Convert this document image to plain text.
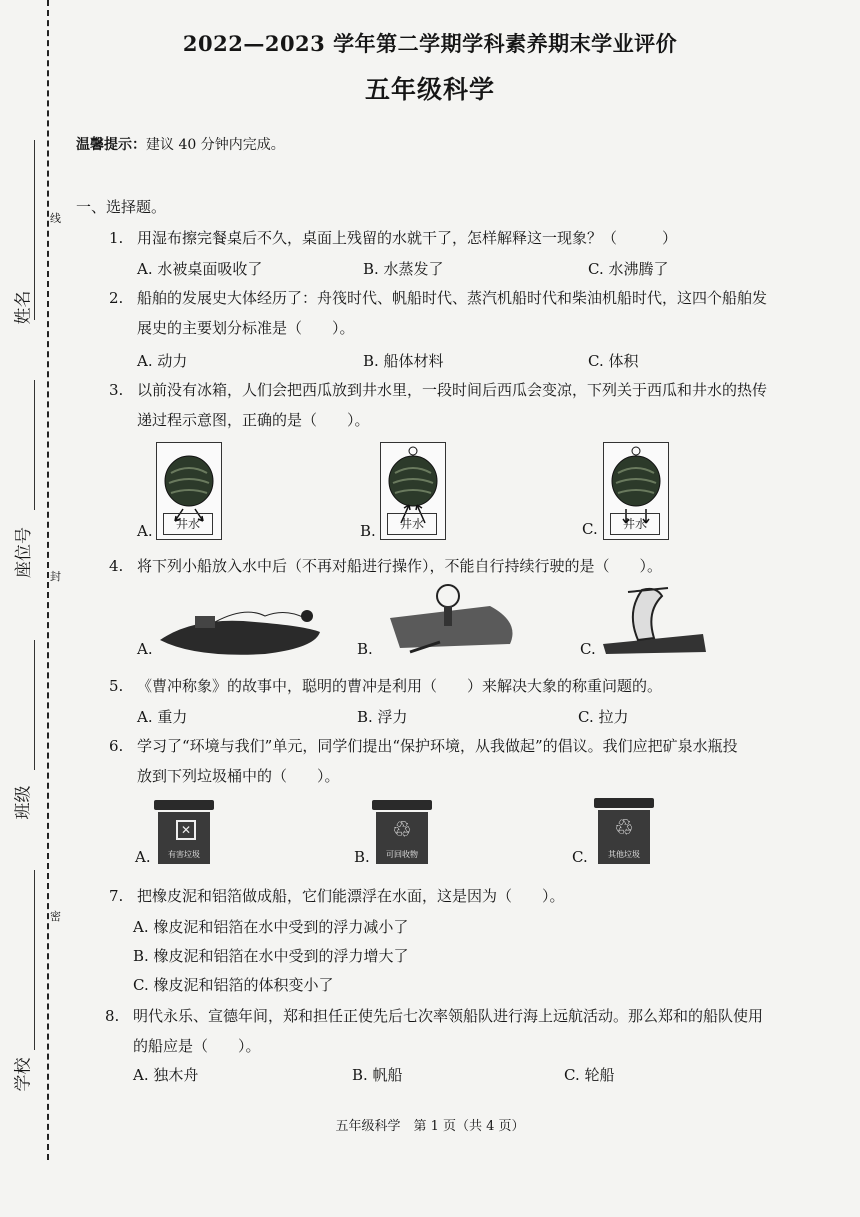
线
封
密
姓名
座位号
班级
学校
2022—2023 学年第二学期学科素养期末学业评价
五年级科学
温馨提示：建议 40 分钟内完成。
一、选择题。
1. 用湿布擦完餐桌后不久，桌面上残留的水就干了，怎样解释这一现象？（　　　）
A. 水被桌面吸收了	B. 水蒸发了	C. 水沸腾了
2. 船舶的发展史大体经历了：舟筏时代、帆船时代、蒸汽机船时代和柴油机船时代，这四个船舶发
展史的主要划分标准是（　　）。
A. 动力	B. 船体材料	C. 体积
3. 以前没有冰箱，人们会把西瓜放到井水里，一段时间后西瓜会变凉，下列关于西瓜和井水的热传
递过程示意图，正确的是（　　）。
A.	井水	B.	井水	C.	井水
4. 将下列小船放入水中后（不再对船进行操作），不能自行持续行驶的是（　　）。
A.	B.	C.
5. 《曹冲称象》的故事中，聪明的曹冲是利用（　　）来解决大象的称重问题的。
A. 重力	B. 浮力	C. 拉力
6. 学习了“环境与我们”单元，同学们提出“保护环境，从我做起”的倡议。我们应把矿泉水瓶投
放到下列垃圾桶中的（　　）。
A.
✕
有害垃圾	B.
♲
可回收物	C.
♲
其他垃圾
7. 把橡皮泥和铝箔做成船，它们能漂浮在水面，这是因为（　　）。
A. 橡皮泥和铝箔在水中受到的浮力减小了
B. 橡皮泥和铝箔在水中受到的浮力增大了
C. 橡皮泥和铝箔的体积变小了
8. 明代永乐、宣德年间，郑和担任正使先后七次率领船队进行海上远航活动。那么郑和的船队使用
的船应是（　　）。
A. 独木舟	B. 帆船	C. 轮船
五年级科学　第 1 页（共 4 页）
